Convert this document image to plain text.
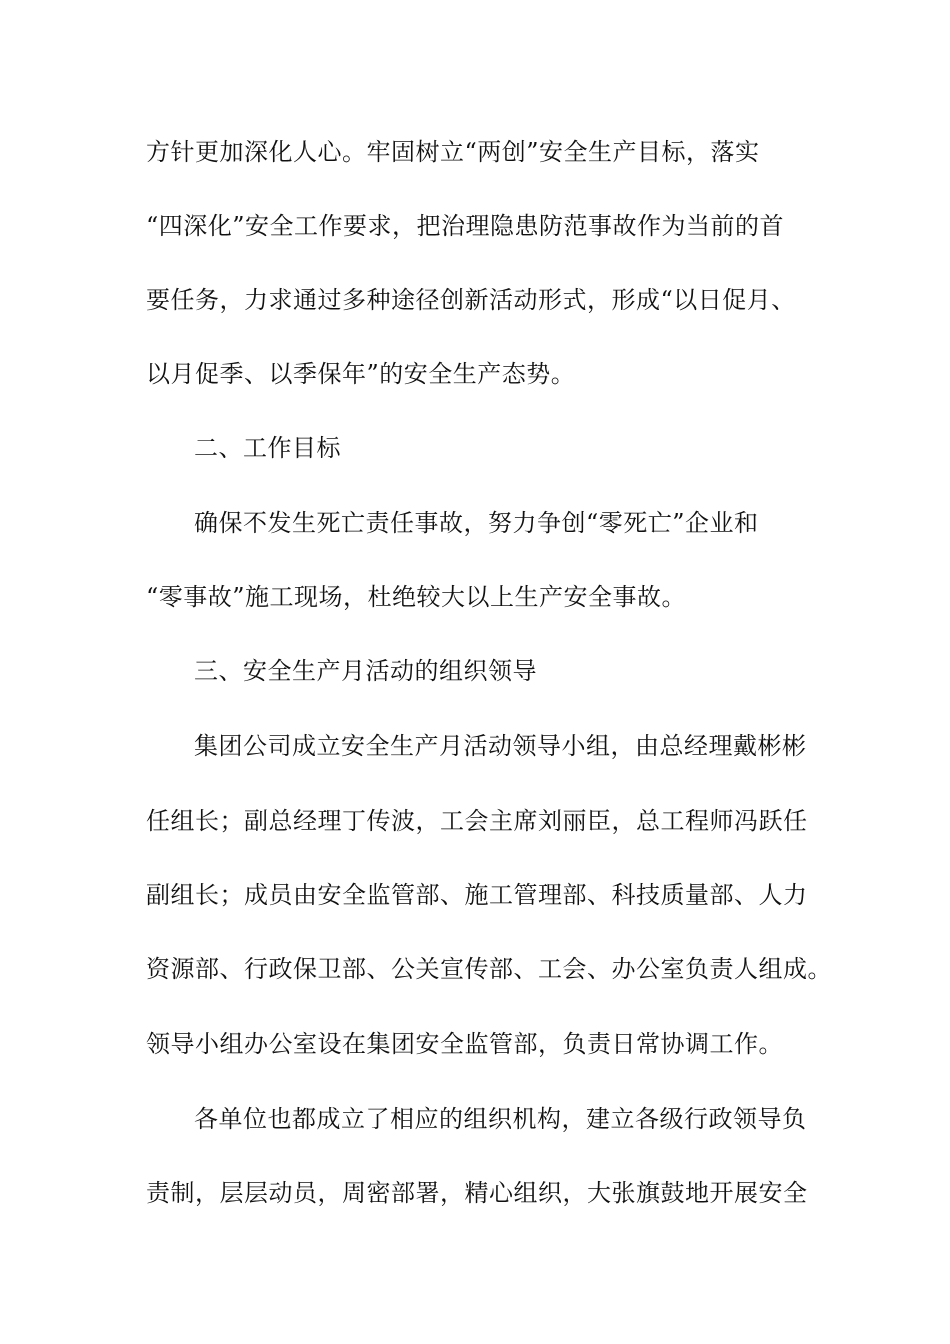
方针更加深化人心。牢固树立“两创”安全生产目标，落实
“四深化”安全工作要求，把治理隐患防范事故作为当前的首
要任务，力求通过多种途径创新活动形式，形成“以日促月、
以月促季、以季保年”的安全生产态势。
二、工作目标
确保不发生死亡责任事故，努力争创“零死亡”企业和
“零事故”施工现场，杜绝较大以上生产安全事故。
三、安全生产月活动的组织领导
集团公司成立安全生产月活动领导小组，由总经理戴彬彬
任组长；副总经理丁传波，工会主席刘丽臣，总工程师冯跃任
副组长；成员由安全监管部、施工管理部、科技质量部、人力
资源部、行政保卫部、公关宣传部、工会、办公室负责人组成。
领导小组办公室设在集团安全监管部，负责日常协调工作。
各单位也都成立了相应的组织机构，建立各级行政领导负
责制，层层动员，周密部署，精心组织，大张旗鼓地开展安全
